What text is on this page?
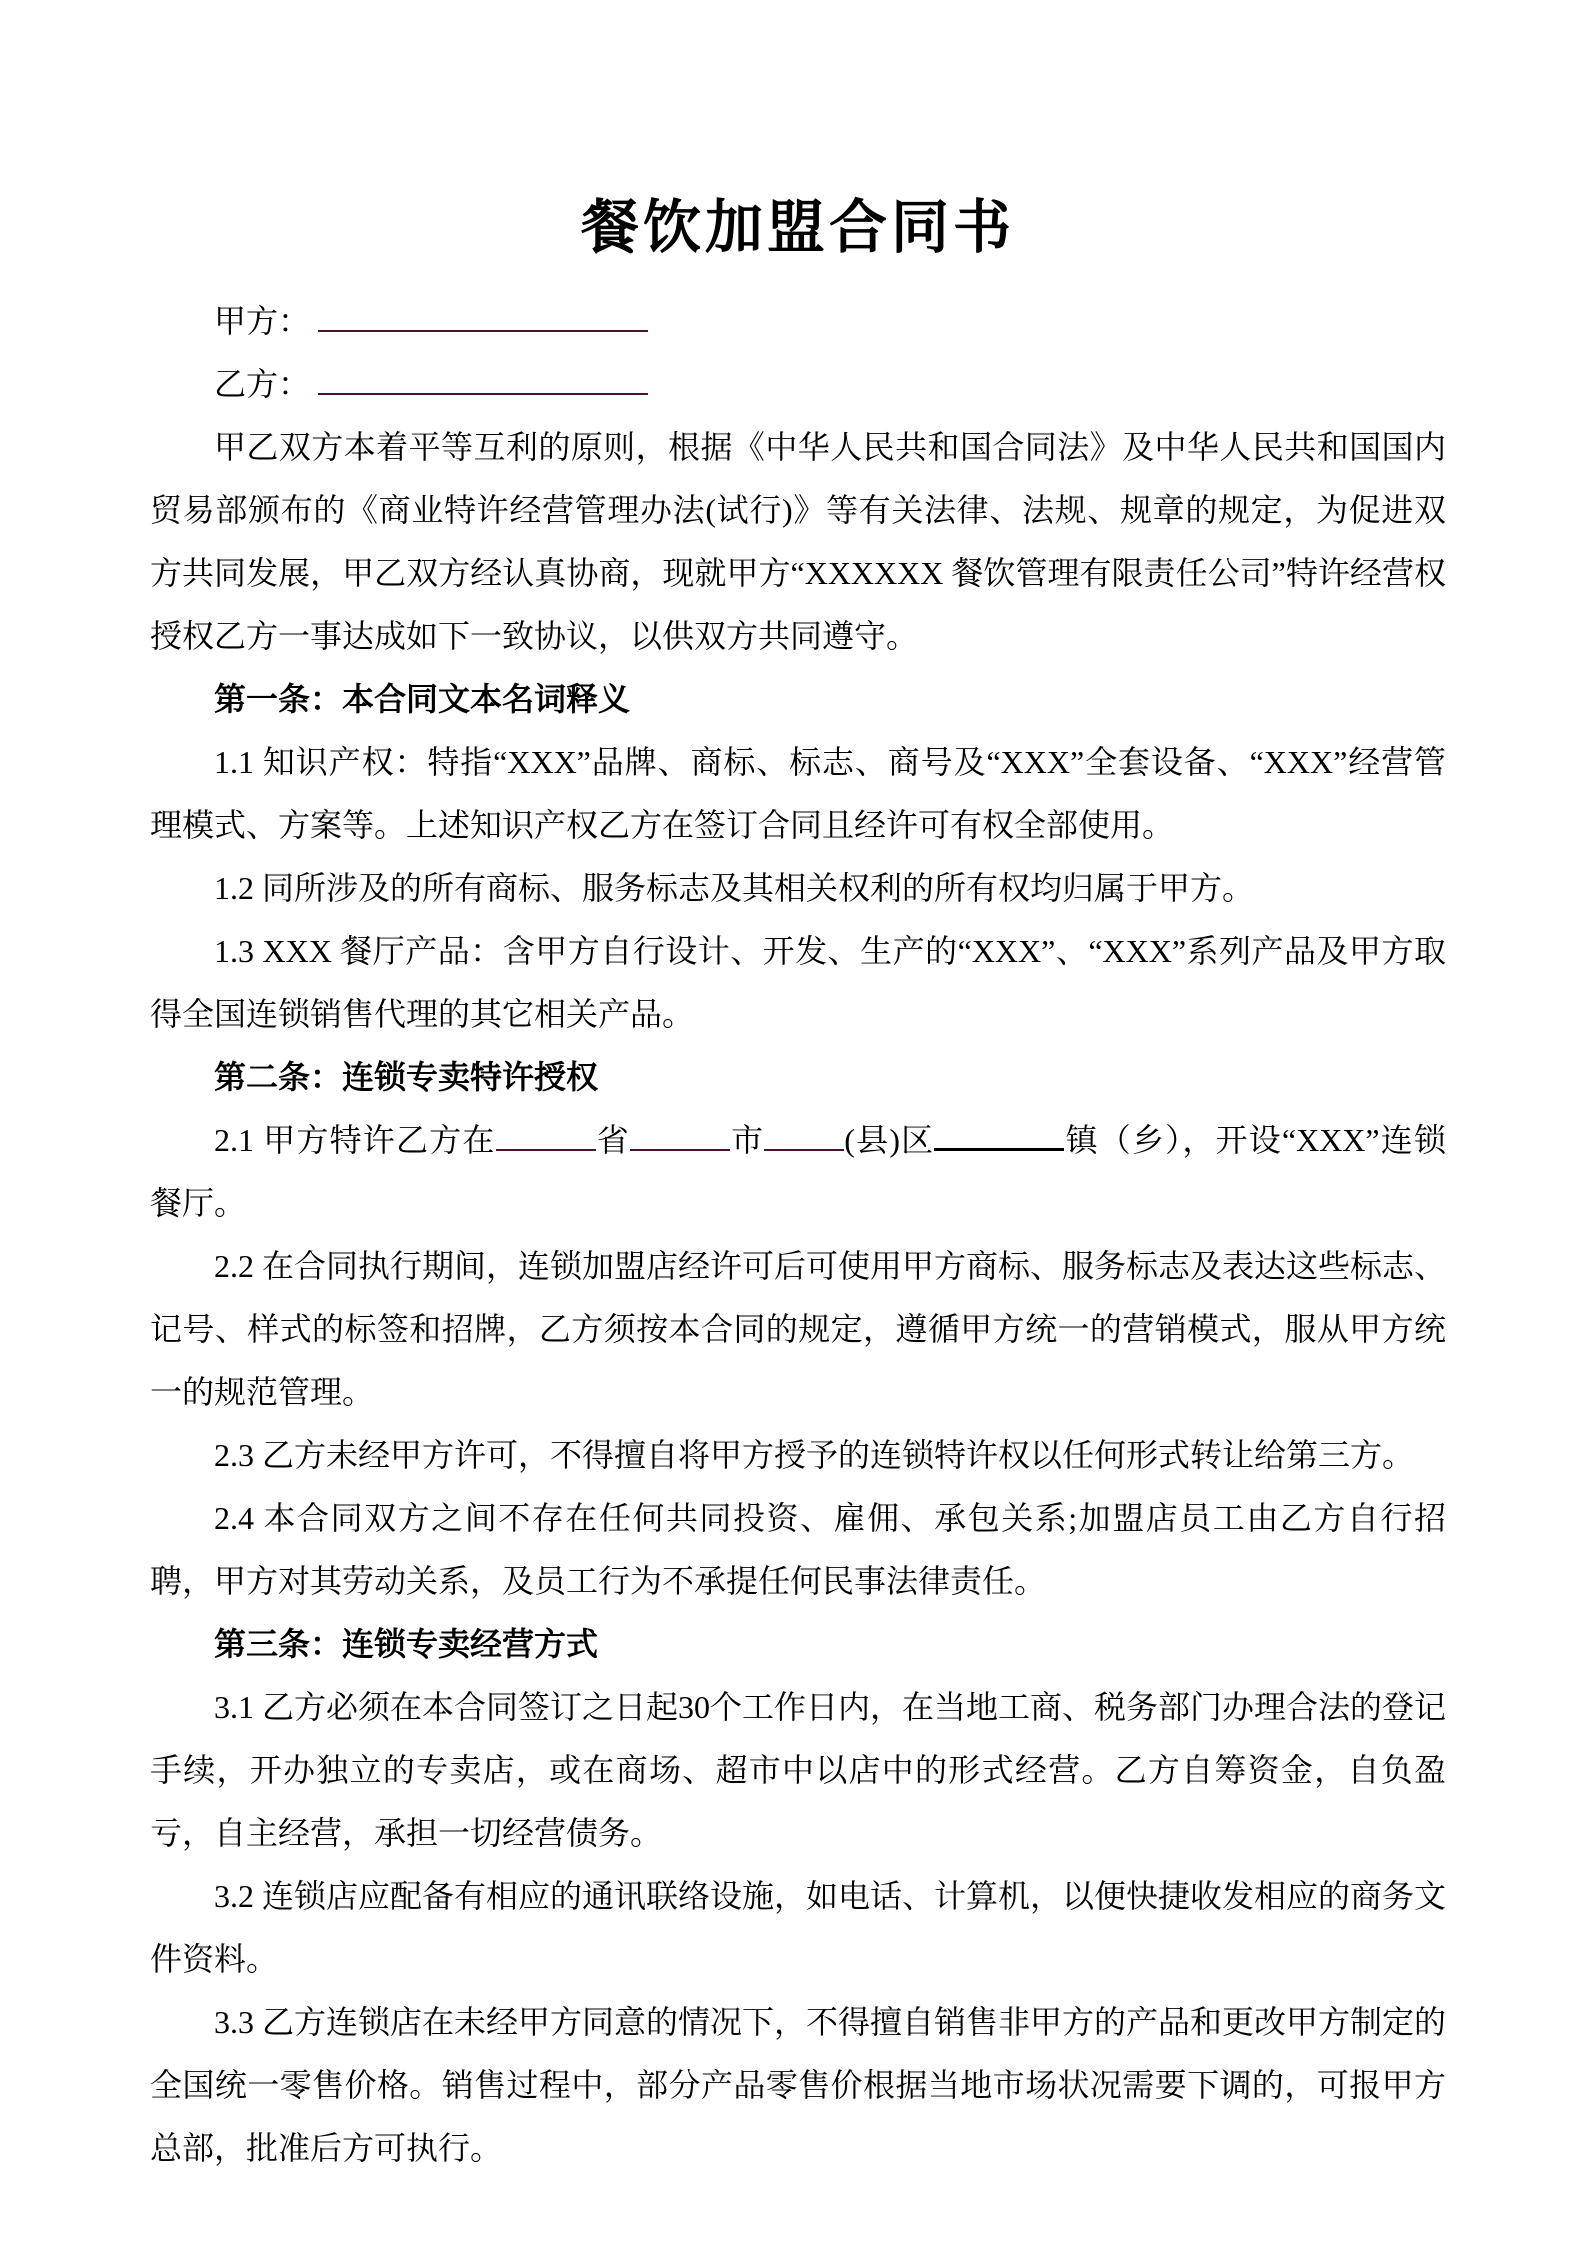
餐饮加盟合同书
甲方：
乙方：

甲乙双方本着平等互利的原则，根据《中华人民共和国合同法》及中华人民共和国国内贸易部颁布的《商业特许经营管理办法(试行)》等有关法律、法规、规章的规定，为促进双方共同发展，甲乙双方经认真协商，现就甲方“XXXXXX 餐饮管理有限责任公司”特许经营权授权乙方一事达成如下一致协议，以供双方共同遵守。

第一条：本合同文本名词释义

1.1 知识产权：特指“XXX”品牌、商标、标志、商号及“XXX”全套设备、“XXX”经营管理模式、方案等。上述知识产权乙方在签订合同且经许可有权全部使用。

1.2 同所涉及的所有商标、服务标志及其相关权利的所有权均归属于甲方。

1.3 XXX 餐厅产品：含甲方自行设计、开发、生产的“XXX”、“XXX”系列产品及甲方取得全国连锁销售代理的其它相关产品。

第二条：连锁专卖特许授权

2.1 甲方特许乙方在	省	市	(县)区	镇（乡），开设“XXX”连锁餐厅。

2.2 在合同执行期间，连锁加盟店经许可后可使用甲方商标、服务标志及表达这些标志、记号、样式的标签和招牌，乙方须按本合同的规定，遵循甲方统一的营销模式，服从甲方统一的规范管理。

2.3 乙方未经甲方许可，不得擅自将甲方授予的连锁特许权以任何形式转让给第三方。

2.4 本合同双方之间不存在任何共同投资、雇佣、承包关系;加盟店员工由乙方自行招聘，甲方对其劳动关系，及员工行为不承提任何民事法律责任。

第三条：连锁专卖经营方式

3.1 乙方必须在本合同签订之日起30个工作日内，在当地工商、税务部门办理合法的登记手续，开办独立的专卖店，或在商场、超市中以店中的形式经营。乙方自筹资金，自负盈亏，自主经营，承担一切经营债务。

3.2 连锁店应配备有相应的通讯联络设施，如电话、计算机，以便快捷收发相应的商务文件资料。

3.3 乙方连锁店在未经甲方同意的情况下，不得擅自销售非甲方的产品和更改甲方制定的全国统一零售价格。销售过程中，部分产品零售价根据当地市场状况需要下调的，可报甲方总部，批准后方可执行。
